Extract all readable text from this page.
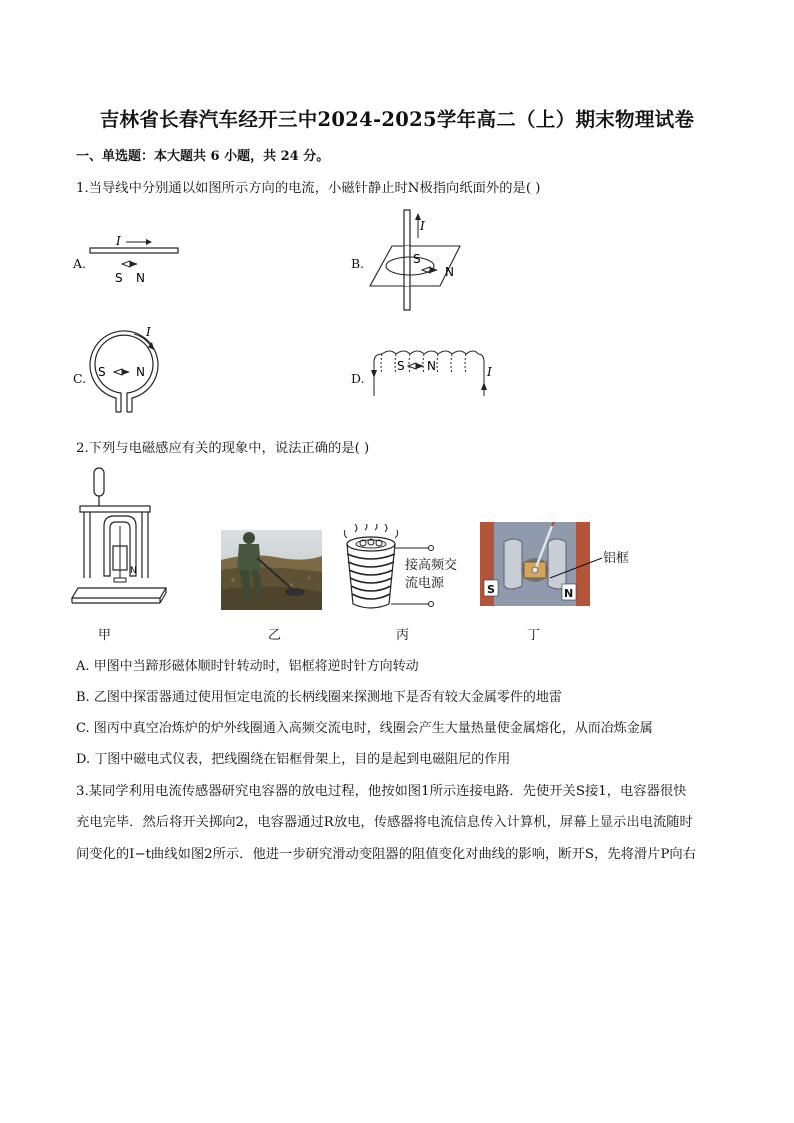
吉林省长春汽车经开三中2024-2025学年高二（上）期末物理试卷
一、单选题：本大题共 6 小题，共 24 分。
1.当导线中分别通以如图所示方向的电流，小磁针静止时N极指向纸面外的是( )
A.
I
S N
B.
I
S
N
C.
I
S	N	D.	I
S N
2.下列与电磁感应有关的现象中，说法正确的是( )
N	接高频交
流电源	S	N
铝框
甲	乙	丙	丁
A. 甲图中当蹄形磁体顺时针转动时，铝框将逆时针方向转动
B. 乙图中探雷器通过使用恒定电流的长柄线圈来探测地下是否有较大金属零件的地雷
C. 图丙中真空冶炼炉的炉外线圈通入高频交流电时，线圈会产生大量热量使金属熔化，从而冶炼金属
D. 丁图中磁电式仪表，把线圈绕在铝框骨架上，目的是起到电磁阻尼的作用
3.某同学利用电流传感器研究电容器的放电过程，他按如图1所示连接电路．先使开关S接1，电容器很快
充电完毕．然后将开关掷向2，电容器通过R放电，传感器将电流信息传入计算机，屏幕上显示出电流随时
间变化的I−t曲线如图2所示．他进一步研究滑动变阻器的阻值变化对曲线的影响，断开S，先将滑片P向右
